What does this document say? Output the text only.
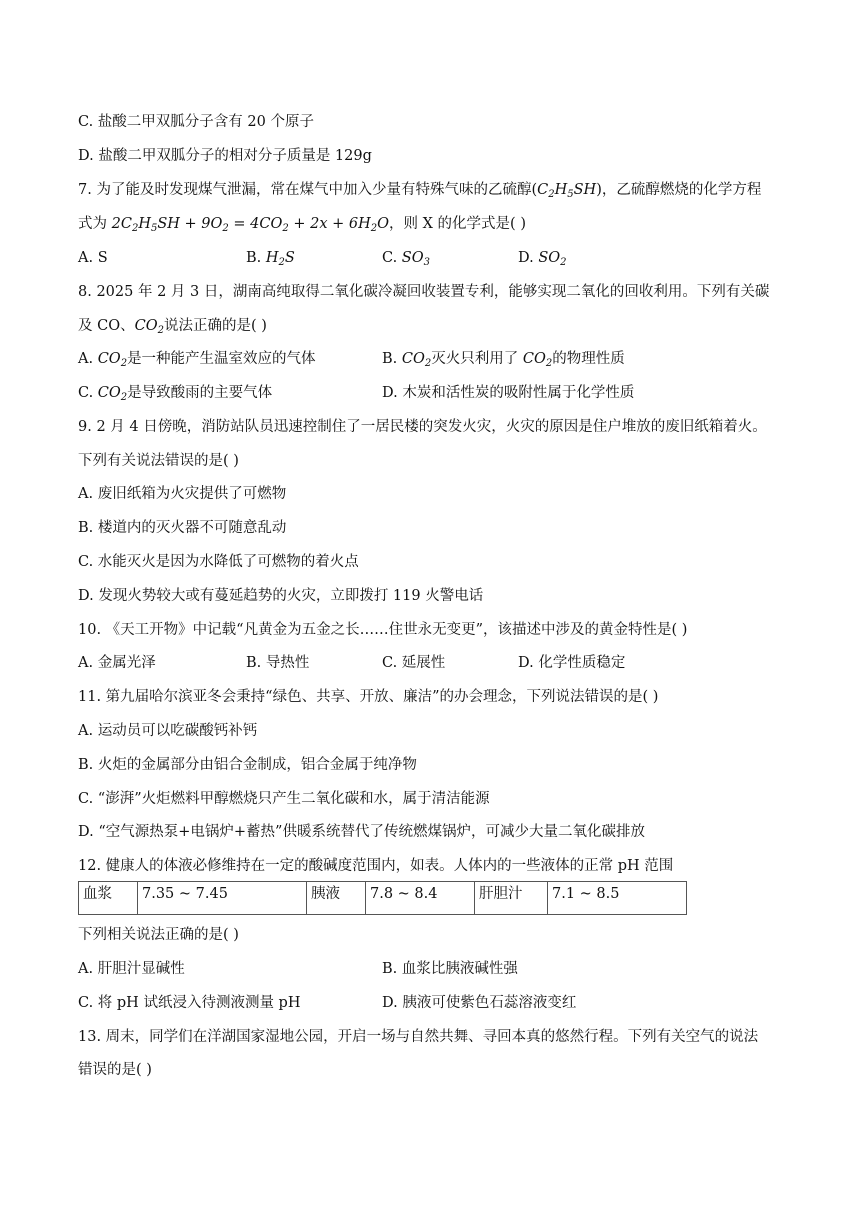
C. 盐酸二甲双胍分子含有 20 个原子
D. 盐酸二甲双胍分子的相对分子质量是 129g
7. 为了能及时发现煤气泄漏，常在煤气中加入少量有特殊气味的乙硫醇$(C_2H_5SH)$，乙硫醇燃烧的化学方程
式为 $2C_2H_5SH + 9O_2 = 4CO_2 + 2x + 6H_2O$，则 X 的化学式是( )
A. S	B. $H_2S$	C. $SO_3$	D. $SO_2$
8. 2025 年 2 月 3 日，湖南高纯取得二氧化碳冷凝回收装置专利，能够实现二氧化的回收利用。下列有关碳
及 CO、$CO_2$说法正确的是( )
A. $CO_2$是一种能产生温室效应的气体	B. $CO_2$灭火只利用了 $CO_2$的物理性质
C. $CO_2$是导致酸雨的主要气体	D. 木炭和活性炭的吸附性属于化学性质
9. 2 月 4 日傍晚，消防站队员迅速控制住了一居民楼的突发火灾，火灾的原因是住户堆放的废旧纸箱着火。
下列有关说法错误的是( )
A. 废旧纸箱为火灾提供了可燃物
B. 楼道内的灭火器不可随意乱动
C. 水能灭火是因为水降低了可燃物的着火点
D. 发现火势较大或有蔓延趋势的火灾，立即拨打 119 火警电话
10. 《天工开物》中记载“凡黄金为五金之长……住世永无变更”，该描述中涉及的黄金特性是( )
A. 金属光泽	B. 导热性	C. 延展性	D. 化学性质稳定
11. 第九届哈尔滨亚冬会秉持“绿色、共享、开放、廉洁”的办会理念，下列说法错误的是( )
A. 运动员可以吃碳酸钙补钙
B. 火炬的金属部分由铝合金制成，铝合金属于纯净物
C. “澎湃”火炬燃料甲醇燃烧只产生二氧化碳和水，属于清洁能源
D. “空气源热泵+电锅炉+蓄热”供暖系统替代了传统燃煤锅炉，可减少大量二氧化碳排放
12. 健康人的体液必修维持在一定的酸碱度范围内，如表。人体内的一些液体的正常 pH 范围
血浆	7.35 ~ 7.45	胰液	7.8 ~ 8.4	肝胆汁	7.1 ~ 8.5
下列相关说法正确的是( )
A. 肝胆汁显碱性	B. 血浆比胰液碱性强
C. 将 pH 试纸浸入待测液测量 pH	D. 胰液可使紫色石蕊溶液变红
13. 周末，同学们在洋湖国家湿地公园，开启一场与自然共舞、寻回本真的悠然行程。下列有关空气的说法
错误的是( )
